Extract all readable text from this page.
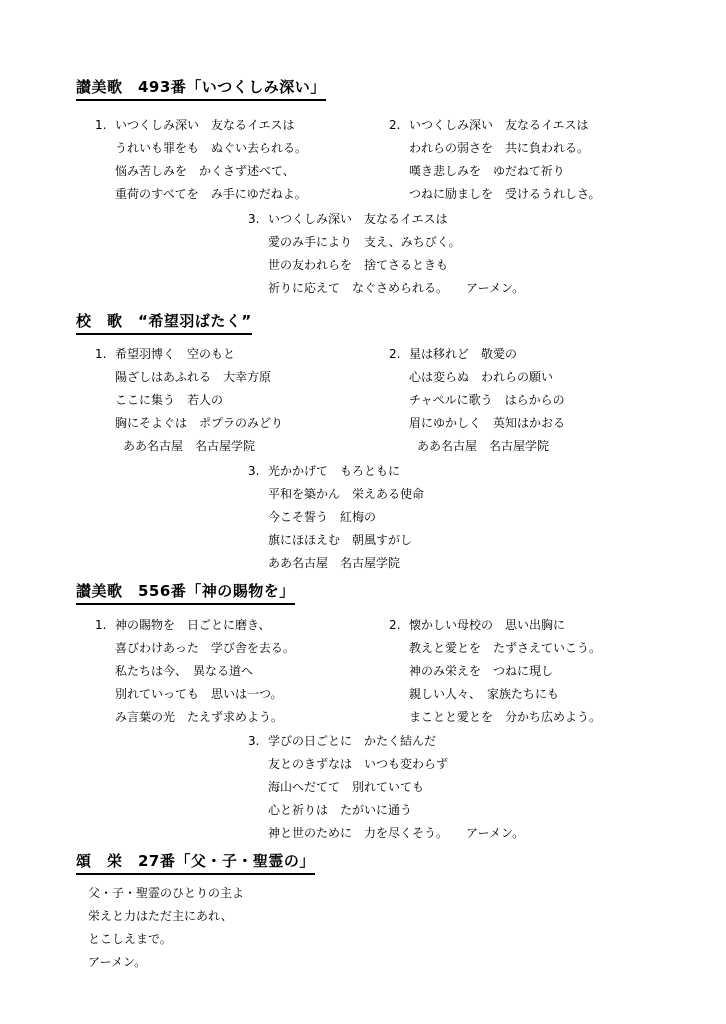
讃美歌　493番「いつくしみ深い」
1. いつくしみ深い　友なるイエスは
うれいも罪をも　ぬぐい去られる。
悩み苦しみを　かくさず述べて、
重荷のすべてを　み手にゆだねよ。
2. いつくしみ深い　友なるイエスは
われらの弱さを　共に負われる。
嘆き悲しみを　ゆだねて祈り
つねに励ましを　受けるうれしさ。
3. いつくしみ深い　友なるイエスは
愛のみ手により　支え、みちびく。
世の友われらを　捨てさるときも
祈りに応えて　なぐさめられる。　　アーメン。
校　歌　“希望羽ばたく”
1. 希望羽博く　空のもと
陽ざしはあふれる　大幸方原
ここに集う　若人の
胸にそよぐは　ポプラのみどり
ああ名古屋　名古屋学院
2. 星は移れど　敬愛の
心は変らぬ　われらの願い
チャペルに歌う　はらからの
眉にゆかしく　英知はかおる
ああ名古屋　名古屋学院
3. 光かかげて　もろともに
平和を築かん　栄えある使命
今こそ誓う　紅梅の
旗にほほえむ　朝風すがし
ああ名古屋　名古屋学院
讃美歌　556番「神の賜物を」
1. 神の賜物を　日ごとに磨き、
喜びわけあった　学び舎を去る。
私たちは今、　異なる道へ
別れていっても　思いは一つ。
み言葉の光　たえず求めよう。
2. 懐かしい母校の　思い出胸に
教えと愛とを　たずさえていこう。
神のみ栄えを　つねに現し
親しい人々、　家族たちにも
まことと愛とを　分かち広めよう。
3. 学びの日ごとに　かたく結んだ
友とのきずなは　いつも変わらず
海山へだてて　別れていても
心と祈りは　たがいに通う
神と世のために　力を尽くそう。　　アーメン。
頌　栄　27番「父・子・聖霊の」
父・子・聖霊のひとりの主よ
栄えと力はただ主にあれ、
とこしえまで。
アーメン。
